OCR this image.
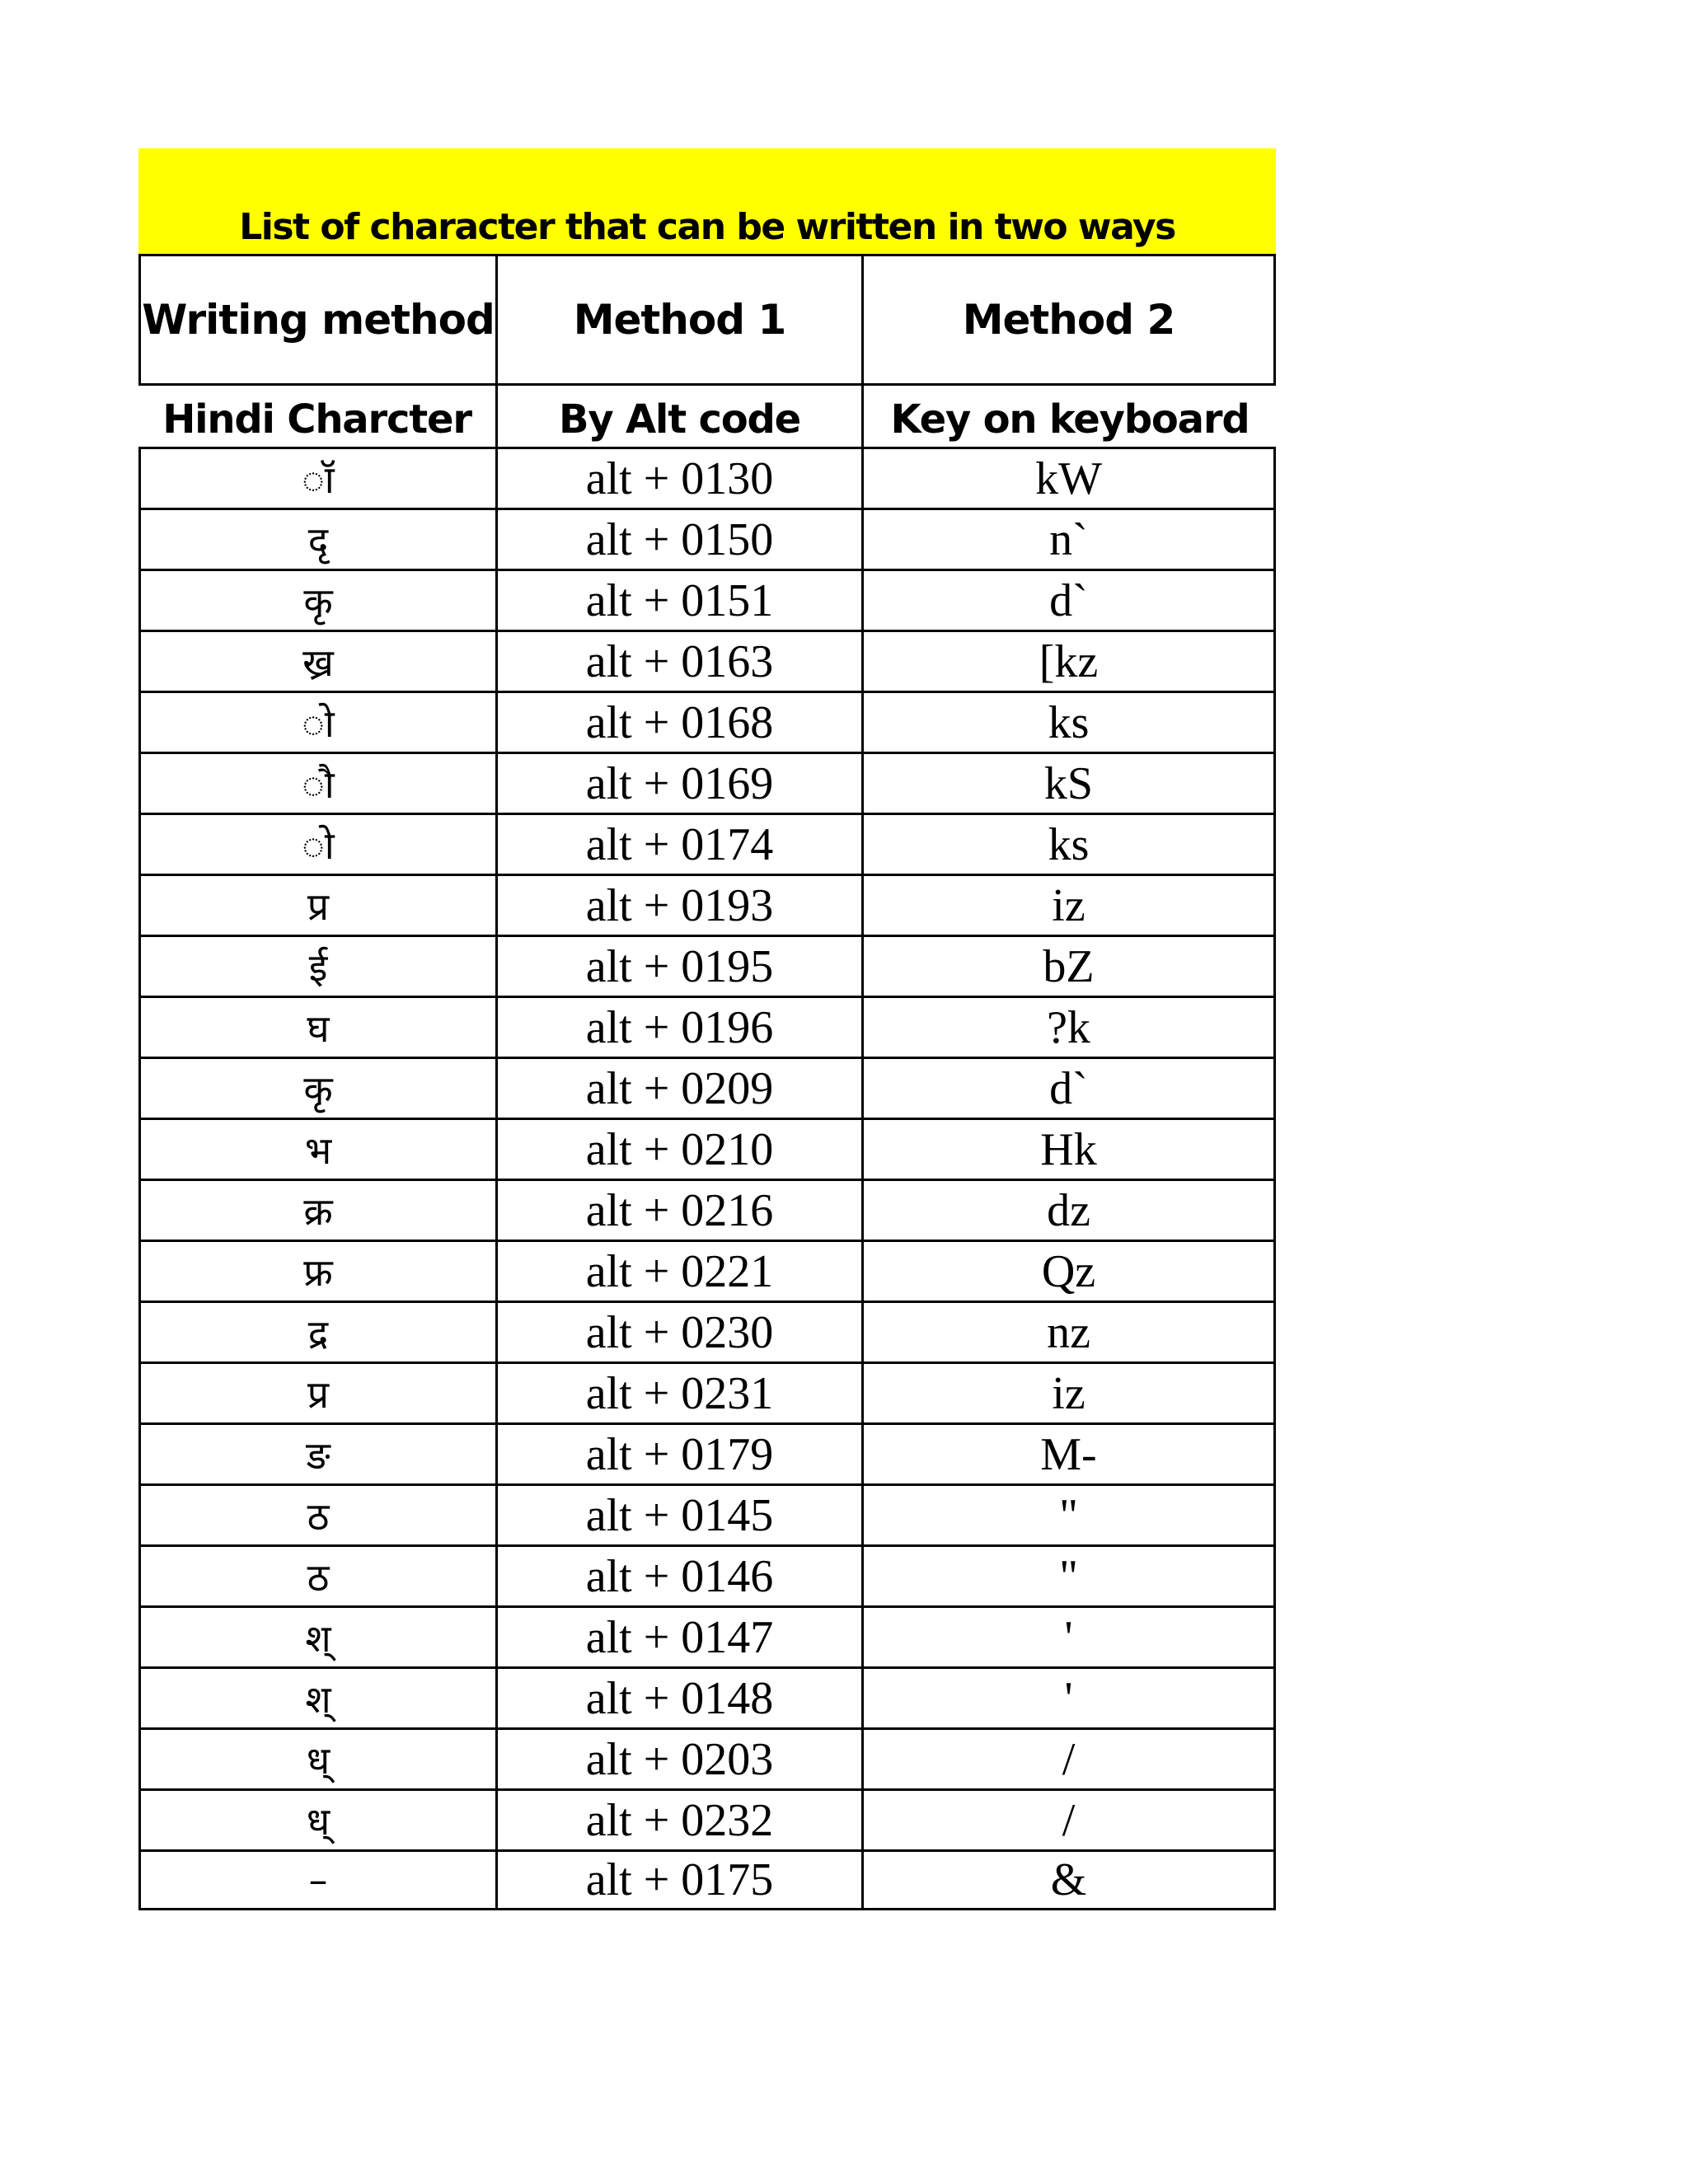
List of character that can be written in two ways
Writing method	Method 1	Method 2
Hindi Charcter	By Alt code	Key on keyboard
ॉ	alt + 0130	kW
दृ	alt + 0150	n`
कृ	alt + 0151	d`
ख्र	alt + 0163	[kz
ो	alt + 0168	ks
ौ	alt + 0169	kS
ो	alt + 0174	ks
प्र	alt + 0193	iz
ई	alt + 0195	bZ
घ	alt + 0196	?k
कृ	alt + 0209	d`
भ	alt + 0210	Hk
क्र	alt + 0216	dz
फ्र	alt + 0221	Qz
द्र	alt + 0230	nz
प्र	alt + 0231	iz
ङ	alt + 0179	M-
ठ	alt + 0145	"
ठ	alt + 0146	"
श्	alt + 0147	'
श्	alt + 0148	'
ध्	alt + 0203	/
ध्	alt + 0232	/
–	alt + 0175	&
